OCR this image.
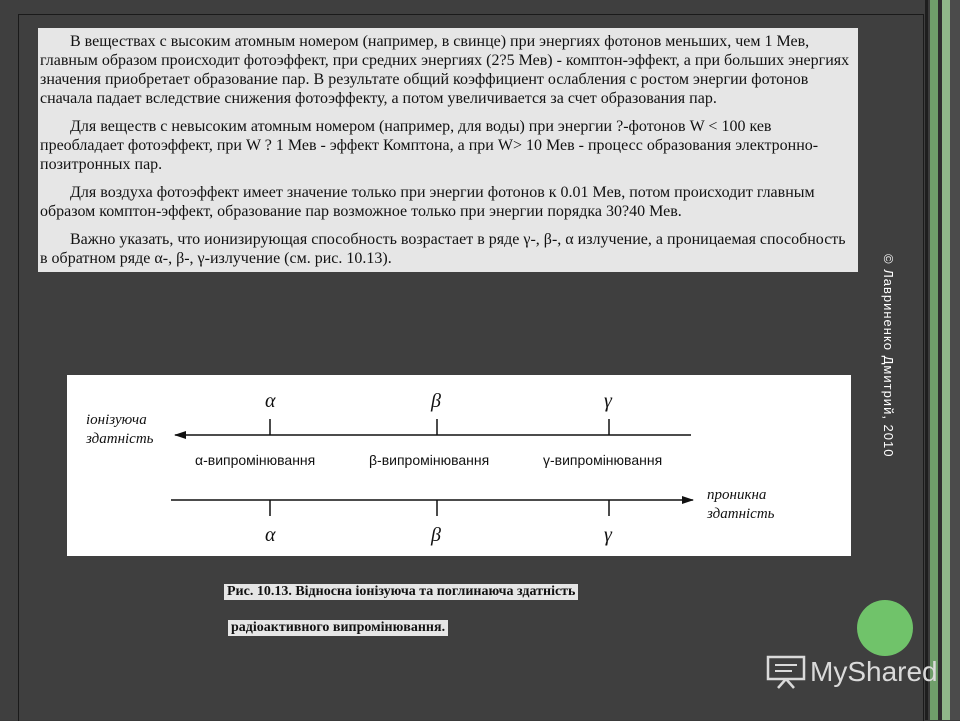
В веществах с высоким атомным номером (например, в свинце) при энергиях фотонов меньших, чем 1 Мев, главным образом происходит фотоэффект, при средних энергиях (2?5 Мев) - комптон-эффект, а при больших энергиях значения приобретает образование пар. В результате общий коэффициент ослабления с ростом энергии фотонов сначала падает вследствие снижения фотоэффекту, а потом увеличивается за счет образования пар.

Для веществ с невысоким атомным номером (например, для воды) при энергии ?-фотонов W < 100 кев преобладает фотоэффект, при W ? 1 Мев - эффект Комптона, а при W> 10 Мев - процесс образования электронно-позитронных пар.

Для воздуха фотоэффект имеет значение только при энергии фотонов к 0.01 Мев, потом происходит главным образом комптон-эффект, образование пар возможное только при энергии порядка 30?40 Мев.

Важно указать, что ионизирующая способность возрастает в ряде γ-, β-, α излучение, а проницаемая способность в обратном ряде α-, β-, γ-излучение (см. рис. 10.13).	© Лавриненко Дмитрий, 2010
іонізуюча
здатність
проникна
здатність
α	β	γ
α	β	γ
α-випромінювання	β-випромінювання	γ-випромінювання
Рис. 10.13. Відносна іонізуюча та поглинаюча здатність
радіоактивного випромінювання.
MyShared
